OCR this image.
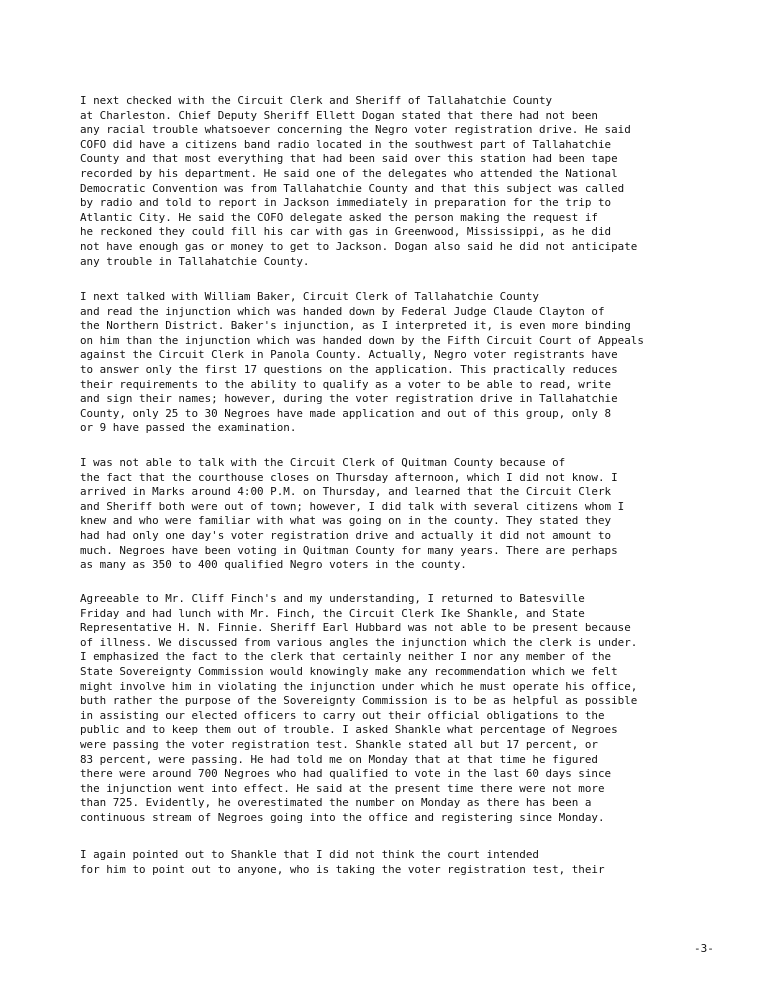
I next checked with the Circuit Clerk and Sheriff of Tallahatchie County
at Charleston. Chief Deputy Sheriff Ellett Dogan stated that there had not been
any racial trouble whatsoever concerning the Negro voter registration drive. He said
COFO did have a citizens band radio located in the southwest part of Tallahatchie
County and that most everything that had been said over this station had been tape
recorded by his department. He said one of the delegates who attended the National
Democratic Convention was from Tallahatchie County and that this subject was called
by radio and told to report in Jackson immediately in preparation for the trip to
Atlantic City. He said the COFO delegate asked the person making the request if
he reckoned they could fill his car with gas in Greenwood, Mississippi, as he did
not have enough gas or money to get to Jackson. Dogan also said he did not anticipate
any trouble in Tallahatchie County.

I next talked with William Baker, Circuit Clerk of Tallahatchie County
and read the injunction which was handed down by Federal Judge Claude Clayton of
the Northern District. Baker's injunction, as I interpreted it, is even more binding
on him than the injunction which was handed down by the Fifth Circuit Court of Appeals
against the Circuit Clerk in Panola County. Actually, Negro voter registrants have
to answer only the first 17 questions on the application. This practically reduces
their requirements to the ability to qualify as a voter to be able to read, write
and sign their names; however, during the voter registration drive in Tallahatchie
County, only 25 to 30 Negroes have made application and out of this group, only 8
or 9 have passed the examination.

I was not able to talk with the Circuit Clerk of Quitman County because of
the fact that the courthouse closes on Thursday afternoon, which I did not know. I
arrived in Marks around 4:00 P.M. on Thursday, and learned that the Circuit Clerk
and Sheriff both were out of town; however, I did talk with several citizens whom I
knew and who were familiar with what was going on in the county. They stated they
had had only one day's voter registration drive and actually it did not amount to
much. Negroes have been voting in Quitman County for many years. There are perhaps
as many as 350 to 400 qualified Negro voters in the county.

Agreeable to Mr. Cliff Finch's and my understanding, I returned to Batesville
Friday and had lunch with Mr. Finch, the Circuit Clerk Ike Shankle, and State
Representative H. N. Finnie. Sheriff Earl Hubbard was not able to be present because
of illness. We discussed from various angles the injunction which the clerk is under.
I emphasized the fact to the clerk that certainly neither I nor any member of the
State Sovereignty Commission would knowingly make any recommendation which we felt
might involve him in violating the injunction under which he must operate his office,
buth rather the purpose of the Sovereignty Commission is to be as helpful as possible
in assisting our elected officers to carry out their official obligations to the
public and to keep them out of trouble. I asked Shankle what percentage of Negroes
were passing the voter registration test. Shankle stated all but 17 percent, or
83 percent, were passing. He had told me on Monday that at that time he figured
there were around 700 Negroes who had qualified to vote in the last 60 days since
the injunction went into effect. He said at the present time there were not more
than 725. Evidently, he overestimated the number on Monday as there has been a
continuous stream of Negroes going into the office and registering since Monday.

I again pointed out to Shankle that I did not think the court intended
for him to point out to anyone, who is taking the voter registration test, their

-3-
